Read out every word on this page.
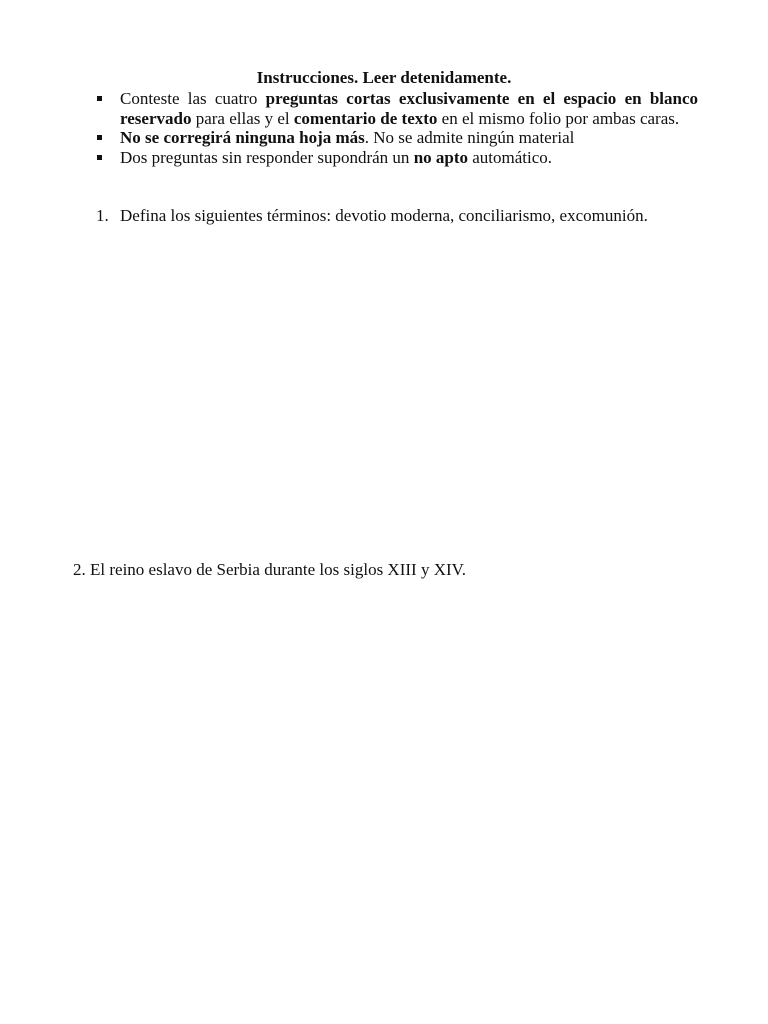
Instrucciones. Leer detenidamente.
Conteste las cuatro preguntas cortas exclusivamente en el espacio en blanco reservado para ellas y el comentario de texto en el mismo folio por ambas caras.
No se corregirá ninguna hoja más. No se admite ningún material
Dos preguntas sin responder supondrán un no apto automático.
1. Defina los siguientes términos: devotio moderna, conciliarismo, excomunión.
2. El reino eslavo de Serbia durante los siglos XIII y XIV.
